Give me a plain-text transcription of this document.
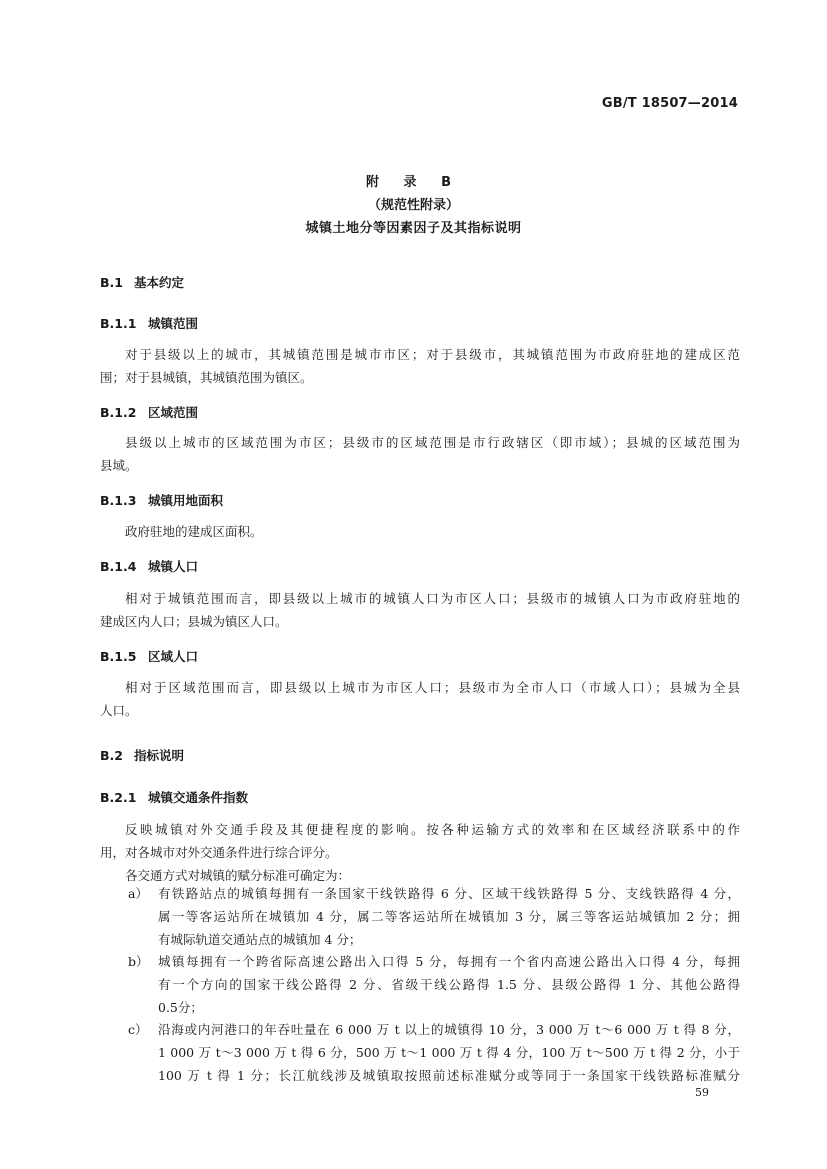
GB/T 18507—2014
附 录 B
（规范性附录）
城镇土地分等因素因子及其指标说明
B.1 基本约定
B.1.1 城镇范围
对于县级以上的城市，其城镇范围是城市市区；对于县级市，其城镇范围为市政府驻地的建成区范
围；对于县城镇，其城镇范围为镇区。
B.1.2 区域范围
县级以上城市的区域范围为市区；县级市的区域范围是市行政辖区（即市域）；县城的区域范围为
县域。
B.1.3 城镇用地面积
政府驻地的建成区面积。
B.1.4 城镇人口
相对于城镇范围而言，即县级以上城市的城镇人口为市区人口；县级市的城镇人口为市政府驻地的
建成区内人口；县城为镇区人口。
B.1.5 区域人口
相对于区域范围而言，即县级以上城市为市区人口；县级市为全市人口（市域人口）；县城为全县
人口。
B.2 指标说明
B.2.1 城镇交通条件指数
反映城镇对外交通手段及其便捷程度的影响。按各种运输方式的效率和在区域经济联系中的作
用，对各城市对外交通条件进行综合评分。
各交通方式对城镇的赋分标准可确定为：
a） 有铁路站点的城镇每拥有一条国家干线铁路得 6 分、区域干线铁路得 5 分、支线铁路得 4 分，
属一等客运站所在城镇加 4 分，属二等客运站所在城镇加 3 分，属三等客运站城镇加 2 分；拥
有城际轨道交通站点的城镇加 4 分；
b） 城镇每拥有一个跨省际高速公路出入口得 5 分，每拥有一个省内高速公路出入口得 4 分，每拥
有一个方向的国家干线公路得 2 分、省级干线公路得 1.5 分、县级公路得 1 分、其他公路得
0.5分；
c） 沿海或内河港口的年吞吐量在 6 000 万 t 以上的城镇得 10 分，3 000 万 t～6 000 万 t 得 8 分，
1 000 万 t～3 000 万 t 得 6 分，500 万 t～1 000 万 t 得 4 分，100 万 t～500 万 t 得 2 分，小于
100 万 t 得 1 分；长江航线涉及城镇取按照前述标准赋分或等同于一条国家干线铁路标准赋分
59
